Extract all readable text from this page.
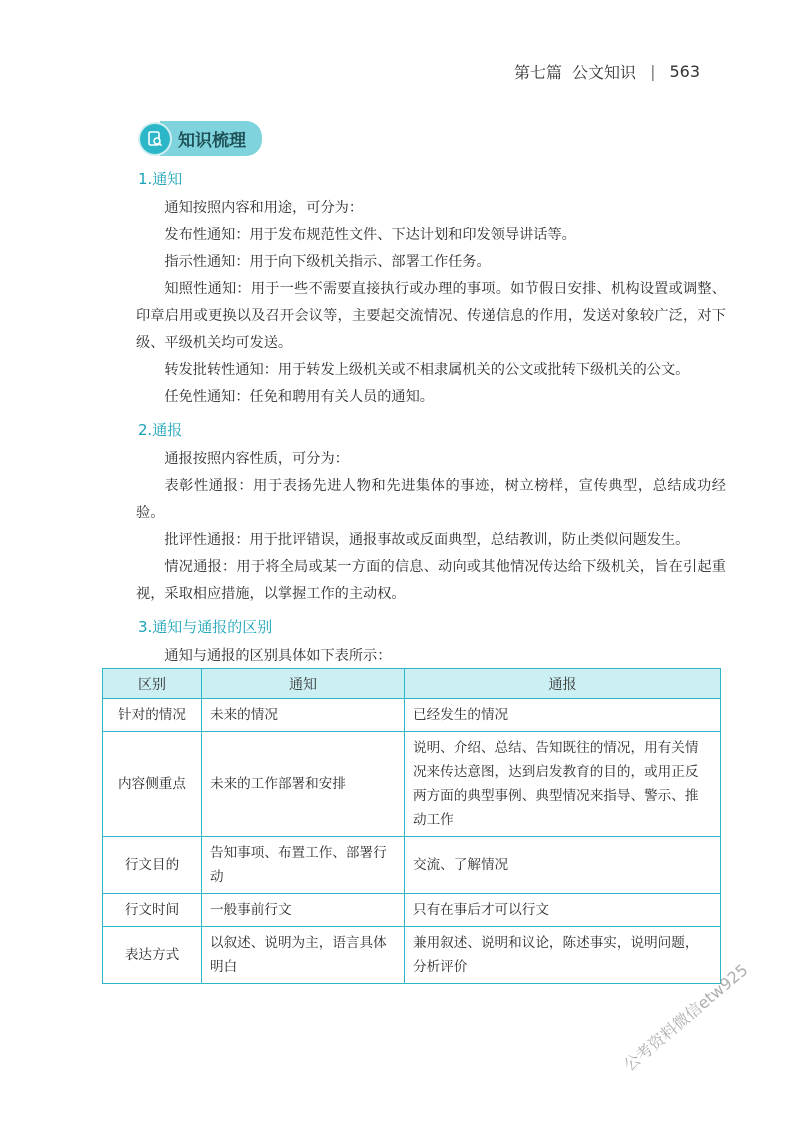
第七篇 公文知识 | 563
知识梳理
1.通知

通知按照内容和用途，可分为：

发布性通知：用于发布规范性文件、下达计划和印发领导讲话等。

指示性通知：用于向下级机关指示、部署工作任务。

知照性通知：用于一些不需要直接执行或办理的事项。如节假日安排、机构设置或调整、印章启用或更换以及召开会议等，主要起交流情况、传递信息的作用，发送对象较广泛，对下级、平级机关均可发送。

转发批转性通知：用于转发上级机关或不相隶属机关的公文或批转下级机关的公文。

任免性通知：任免和聘用有关人员的通知。

2.通报

通报按照内容性质，可分为：

表彰性通报：用于表扬先进人物和先进集体的事迹，树立榜样，宣传典型，总结成功经验。

批评性通报：用于批评错误，通报事故或反面典型，总结教训，防止类似问题发生。

情况通报：用于将全局或某一方面的信息、动向或其他情况传达给下级机关，旨在引起重视，采取相应措施，以掌握工作的主动权。

3.通知与通报的区别

通知与通报的区别具体如下表所示：

区别	通知	通报
针对的情况	未来的情况	已经发生的情况
内容侧重点	未来的工作部署和安排	说明、介绍、总结、告知既往的情况，用有关情况来传达意图，达到启发教育的目的，或用正反两方面的典型事例、典型情况来指导、警示、推动工作
行文目的	告知事项、布置工作、部署行动	交流、了解情况
行文时间	一般事前行文	只有在事后才可以行文
表达方式	以叙述、说明为主，语言具体明白	兼用叙述、说明和议论，陈述事实，说明问题，分析评价	公考资料微信etw925
